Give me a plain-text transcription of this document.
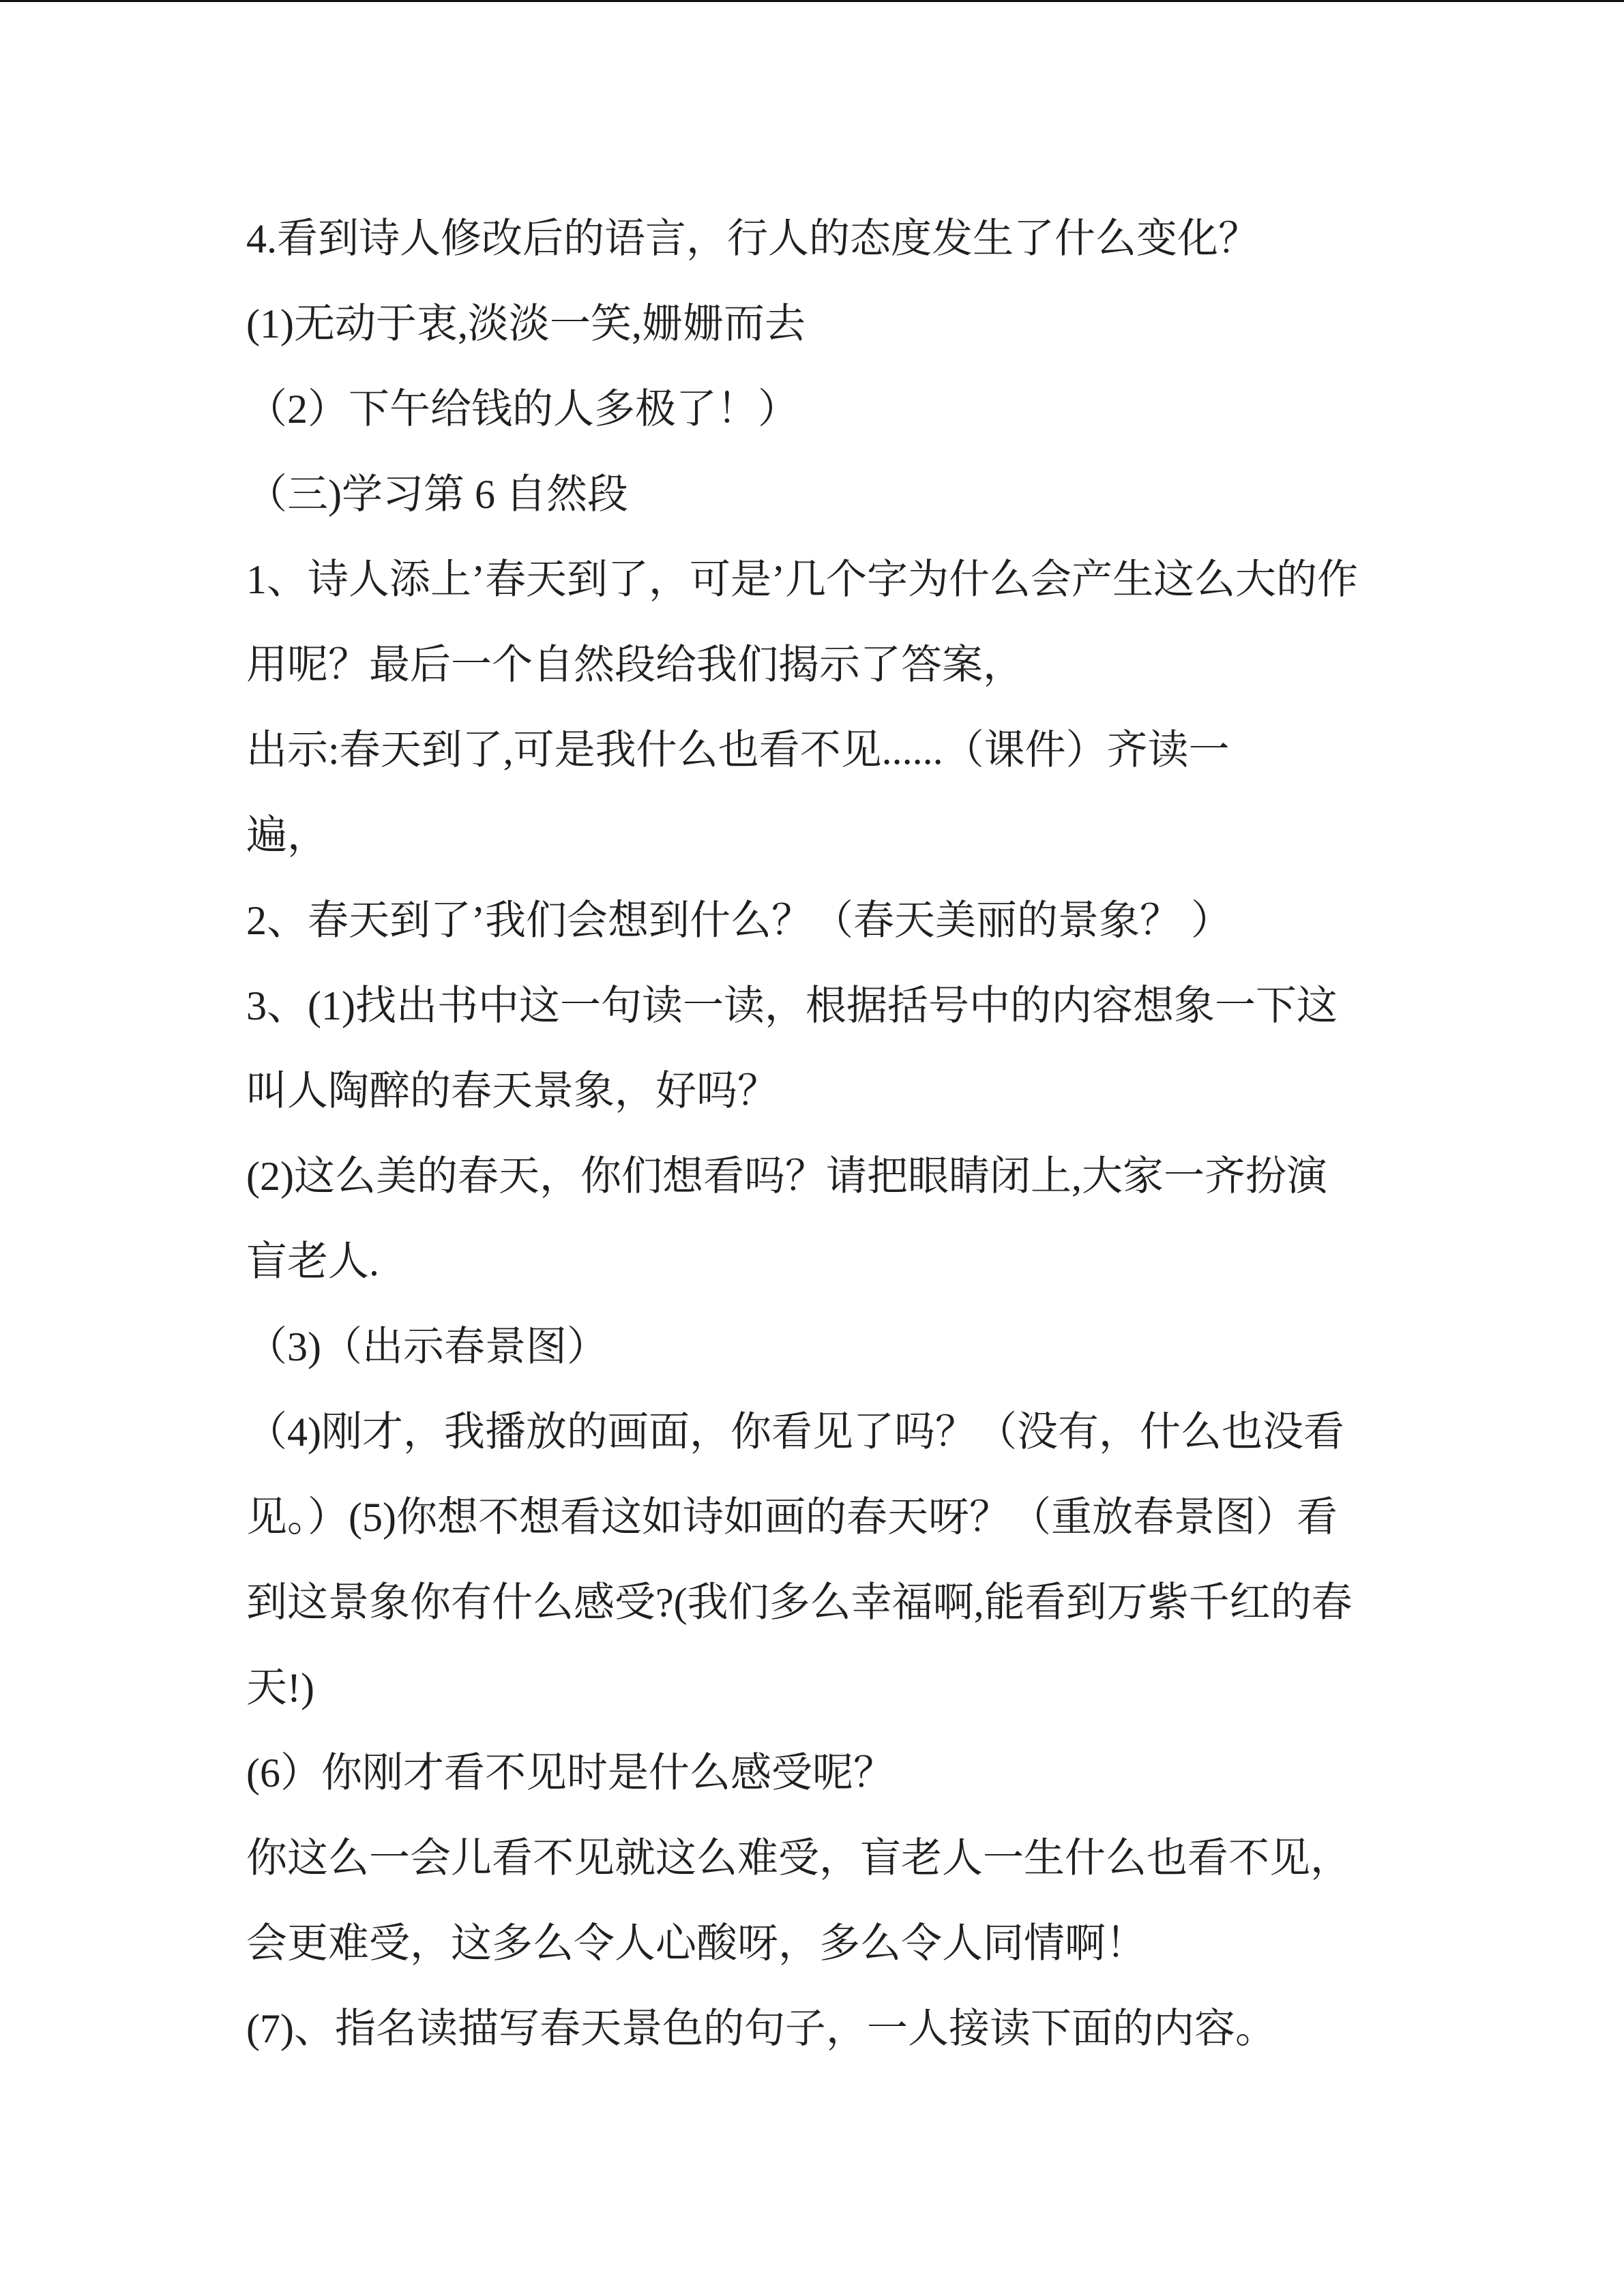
4.看到诗人修改后的语言，行人的态度发生了什么变化？
(1)无动于衷,淡淡一笑,姗姗而去
（2）下午给钱的人多极了！）
（三)学习第 6 自然段
1、诗人添上’春天到了，可是’几个字为什么会产生这么大的作
用呢？最后一个自然段给我们揭示了答案，
出示:春天到了,可是我什么也看不见......（课件）齐读一
遍，
2、春天到了’我们会想到什么？（春天美丽的景象？ ）
3、(1)找出书中这一句读一读，根据括号中的内容想象一下这
叫人陶醉的春天景象，好吗？
(2)这么美的春天，你们想看吗？请把眼睛闭上,大家一齐扮演
盲老人.
（3)（出示春景图）
（4)刚才，我播放的画面，你看见了吗？（没有，什么也没看
见。）(5)你想不想看这如诗如画的春天呀？（重放春景图）看
到这景象你有什么感受?(我们多么幸福啊,能看到万紫千红的春
天!)
(6）你刚才看不见时是什么感受呢？
你这么一会儿看不见就这么难受，盲老人一生什么也看不见，
会更难受，这多么令人心酸呀，多么令人同情啊！
(7)、指名读描写春天景色的句子，一人接读下面的内容。
